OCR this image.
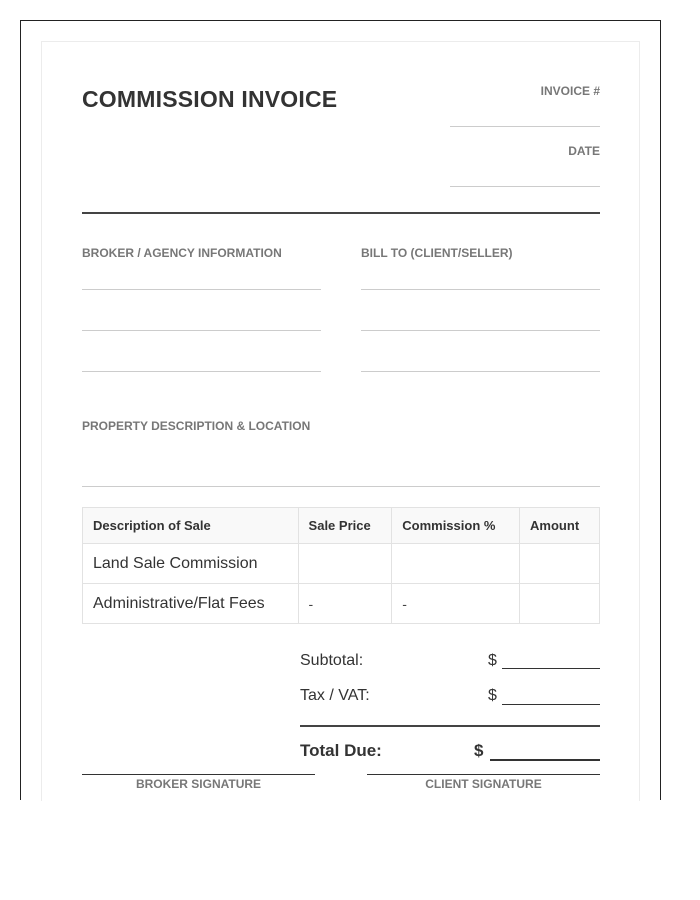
COMMISSION INVOICE	INVOICE #
DATE
BROKER / AGENCY INFORMATION	BILL TO (CLIENT/SELLER)
PROPERTY DESCRIPTION & LOCATION
Description of Sale	Sale Price	Commission %	Amount
Land Sale Commission			
Administrative/Flat Fees	-	-	
Subtotal:	$
Tax / VAT:	$
Total Due:	$
BROKER SIGNATURE	CLIENT SIGNATURE
